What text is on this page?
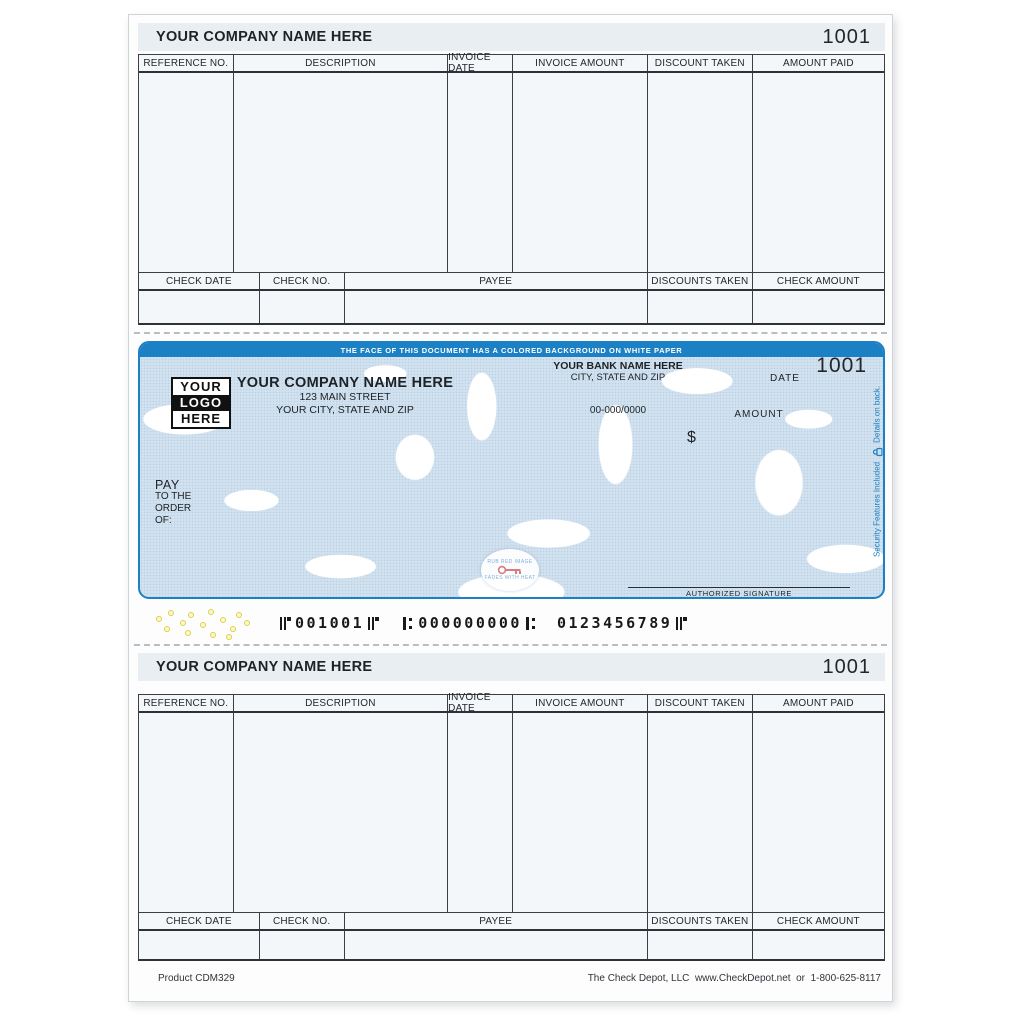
YOUR COMPANY NAME HERE	1001
REFERENCE NO.	DESCRIPTION	INVOICE DATE	INVOICE AMOUNT	DISCOUNT TAKEN	AMOUNT PAID
CHECK DATE	CHECK NO.	PAYEE	DISCOUNTS TAKEN	CHECK AMOUNT
THE FACE OF THIS DOCUMENT HAS A COLORED BACKGROUND ON WHITE PAPER
1001
YOUR
LOGO
HERE
YOUR COMPANY NAME HERE
123 MAIN STREET
YOUR CITY, STATE AND ZIP
YOUR BANK NAME HERE
CITY, STATE AND ZIP
00-000/0000
DATE
AMOUNT
$
PAY
TO THE
ORDER
OF:
RUB RED IMAGE
FADES WITH HEAT
AUTHORIZED SIGNATURE
Security Features Included
Details on back.
001001	000000000 0123456789
YOUR COMPANY NAME HERE	1001
REFERENCE NO.	DESCRIPTION	INVOICE DATE	INVOICE AMOUNT	DISCOUNT TAKEN	AMOUNT PAID
CHECK DATE	CHECK NO.	PAYEE	DISCOUNTS TAKEN	CHECK AMOUNT
Product CDM329	The Check Depot, LLC  www.CheckDepot.net  or  1-800-625-8117
